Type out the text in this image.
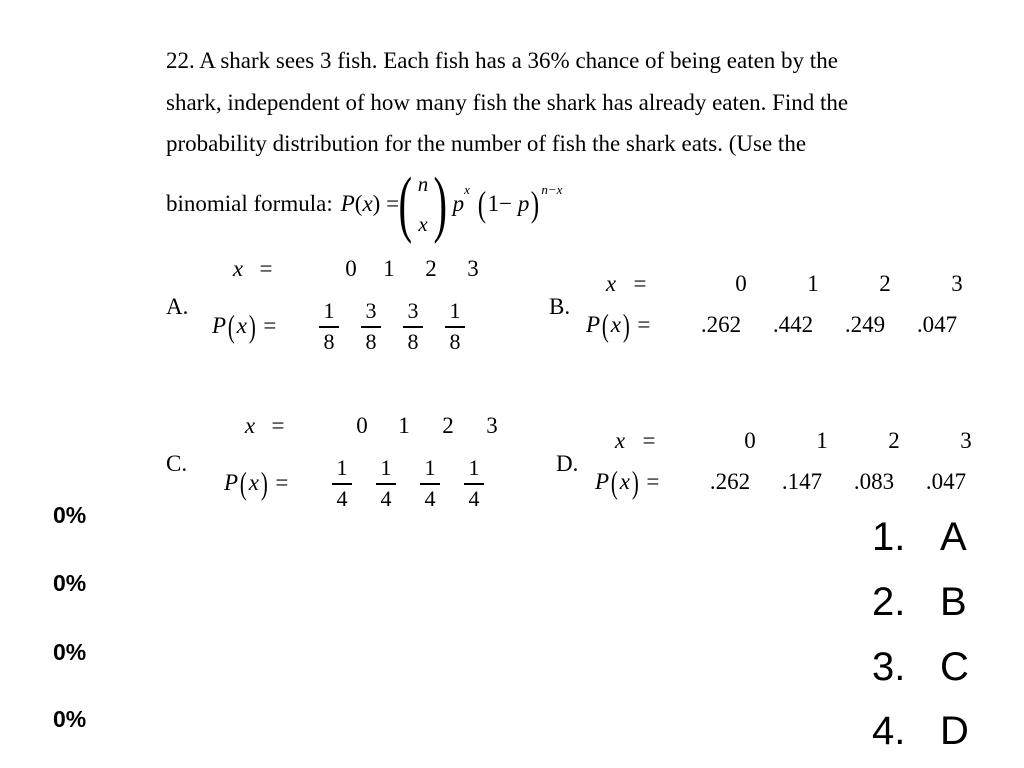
22. A shark sees 3 fish. Each fish has a 36% chance of being eaten by the

shark, independent of how many fish the shark has already eaten. Find the

probability distribution for the number of fish the shark eats. (Use the

binomial formula: P ( x ) = ( n
x )
p
x
( 1−
p ) n−x
A.
x =	0	1	2	3
P ( x ) =	$\frac{1}{8} \frac{3}{8} \frac{3}{8} \frac{1}{8}$	B.
x =	0	1	2	3
P ( x ) =	.262	.442	.249	.047
C.
x =	0	1	2	3
P ( x ) =	$\frac{1}{4} \frac{1}{4} \frac{1}{4} \frac{1}{4}$	D.
x =	0	1	2	3
P ( x ) =	.262	.147	.083	.047
0%
0%
0%
0%
1. A
2. B
3. C
4. D
